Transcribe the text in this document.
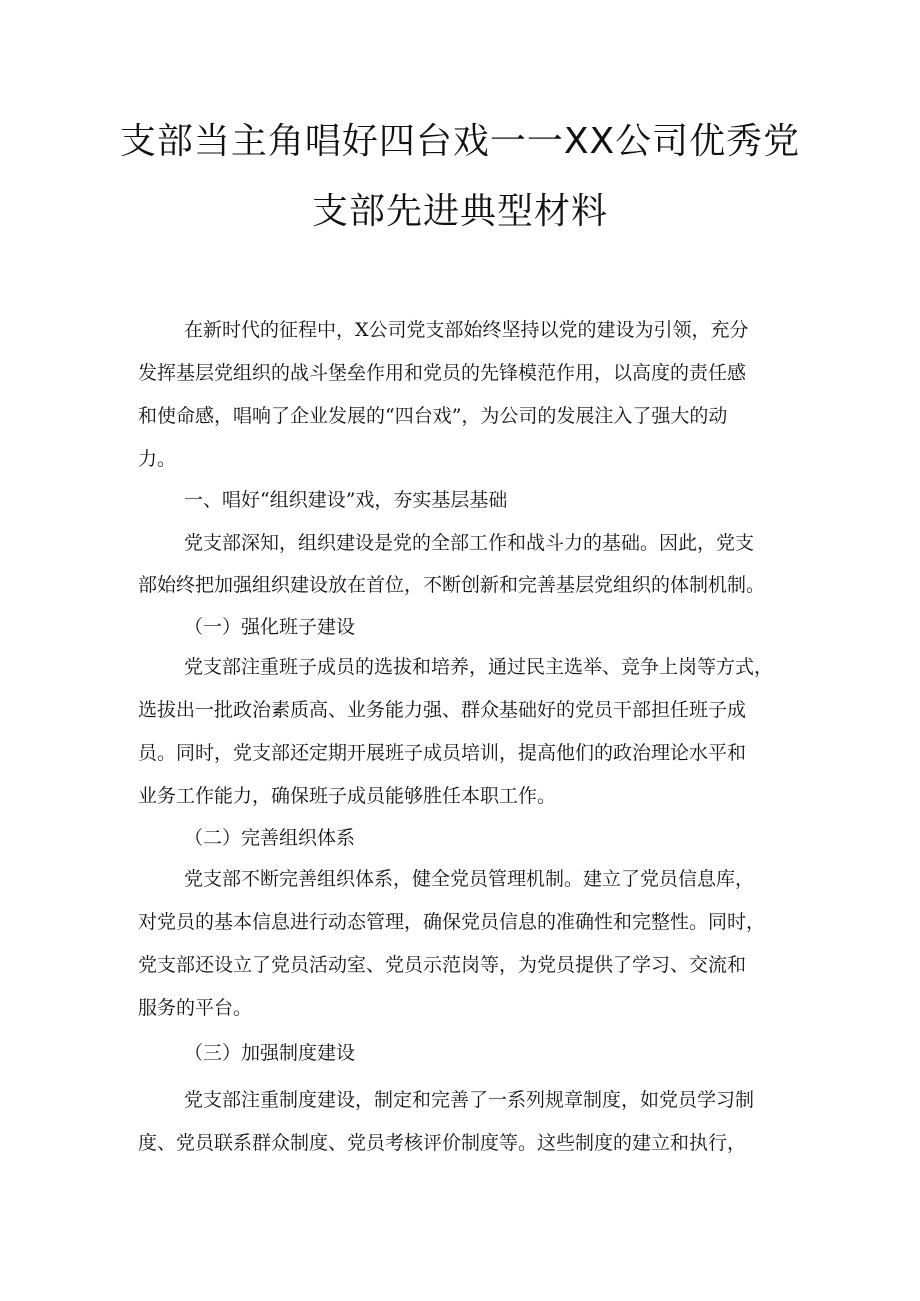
支部当主角唱好四台戏一一XX公司优秀党
支部先进典型材料

在新时代的征程中，X公司党支部始终坚持以党的建设为引领，充分

发挥基层党组织的战斗堡垒作用和党员的先锋模范作用，以高度的责任感

和使命感，唱响了企业发展的“四台戏”，为公司的发展注入了强大的动

力。

一、唱好“组织建设”戏，夯实基层基础

党支部深知，组织建设是党的全部工作和战斗力的基础。因此，党支

部始终把加强组织建设放在首位，不断创新和完善基层党组织的体制机制。

（一）强化班子建设

党支部注重班子成员的选拔和培养，通过民主选举、竞争上岗等方式，

选拔出一批政治素质高、业务能力强、群众基础好的党员干部担任班子成

员。同时，党支部还定期开展班子成员培训，提高他们的政治理论水平和

业务工作能力，确保班子成员能够胜任本职工作。

（二）完善组织体系

党支部不断完善组织体系，健全党员管理机制。建立了党员信息库，

对党员的基本信息进行动态管理，确保党员信息的准确性和完整性。同时，

党支部还设立了党员活动室、党员示范岗等，为党员提供了学习、交流和

服务的平台。

（三）加强制度建设

党支部注重制度建设，制定和完善了一系列规章制度，如党员学习制

度、党员联系群众制度、党员考核评价制度等。这些制度的建立和执行，
